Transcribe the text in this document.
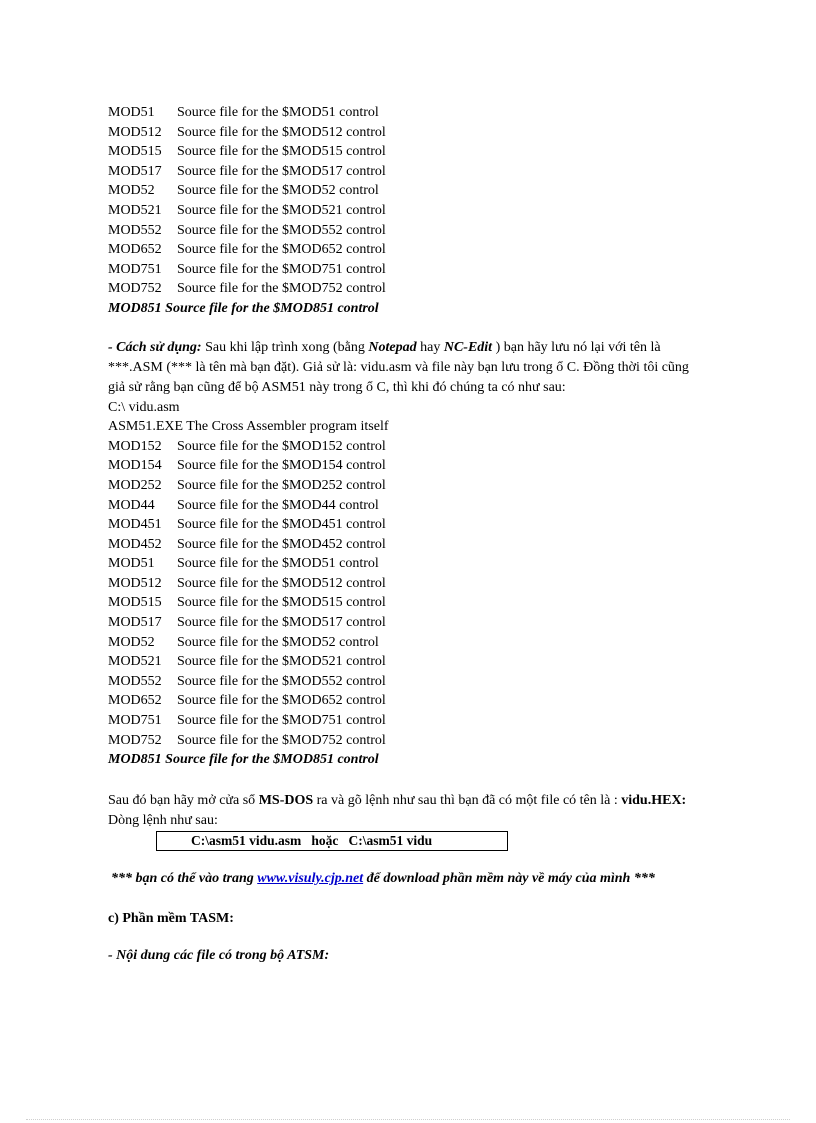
MOD51	Source file for the $MOD51 control
MOD512	Source file for the $MOD512 control
MOD515	Source file for the $MOD515 control
MOD517	Source file for the $MOD517 control
MOD52	Source file for the $MOD52 control
MOD521	Source file for the $MOD521 control
MOD552	Source file for the $MOD552 control
MOD652	Source file for the $MOD652 control
MOD751	Source file for the $MOD751 control
MOD752	Source file for the $MOD752 control
MOD851 Source file for the $MOD851 control
- Cách sử dụng: Sau khi lập trình xong (bằng Notepad hay NC-Edit ) bạn hãy lưu nó lại với tên là ***.ASM (*** là tên mà bạn đặt). Giả sử là: vidu.asm và file này bạn lưu trong ổ C. Đồng thời tôi cũng giả sử rằng bạn cũng để bộ ASM51 này trong ổ C, thì khi đó chúng ta có như sau:
C:\ vidu.asm
ASM51.EXE The Cross Assembler program itself
MOD152	Source file for the $MOD152 control
MOD154	Source file for the $MOD154 control
MOD252	Source file for the $MOD252 control
MOD44	Source file for the $MOD44 control
MOD451	Source file for the $MOD451 control
MOD452	Source file for the $MOD452 control
MOD51	Source file for the $MOD51 control
MOD512	Source file for the $MOD512 control
MOD515	Source file for the $MOD515 control
MOD517	Source file for the $MOD517 control
MOD52	Source file for the $MOD52 control
MOD521	Source file for the $MOD521 control
MOD552	Source file for the $MOD552 control
MOD652	Source file for the $MOD652 control
MOD751	Source file for the $MOD751 control
MOD752	Source file for the $MOD752 control
MOD851 Source file for the $MOD851 control
Sau đó bạn hãy mở cửa sổ MS-DOS ra và gõ lệnh như sau thì bạn đã có một file có tên là : vidu.HEX: Dòng lệnh như sau:
C:\asm51 vidu.asm   hoặc   C:\asm51 vidu
*** bạn có thể vào trang www.visuly.cjp.net để download phần mềm này về máy của mình ***
c) Phần mềm TASM:
- Nội dung các file có trong bộ ATSM:
